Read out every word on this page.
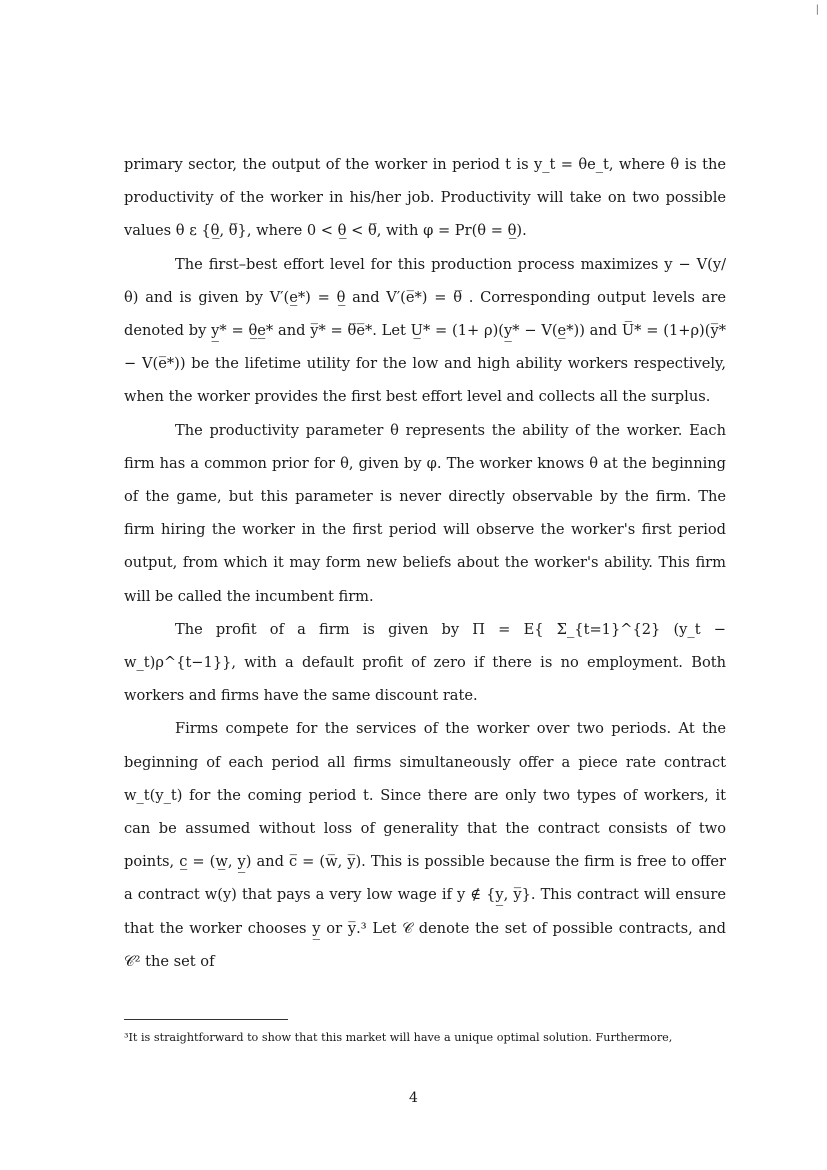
|

primary sector, the output of the worker in period t is y_t = θe_t, where θ is the productivity of the worker in his/her job. Productivity will take on two possible values θ ε {θ̲, θ̅}, where 0 < θ̲ < θ̅, with φ = Pr(θ = θ̲).

The first–best effort level for this production process maximizes y − V(y/θ) and is given by V′(e̲*) = θ̲ and V′(e̅*) = θ̅ . Corresponding output levels are denoted by y̲* = θ̲e̲* and y̅* = θ̅e̅*. Let U̲* = (1+ ρ)(y̲* − V(e̲*)) and U̅* = (1+ρ)(y̅* − V(e̅*)) be the lifetime utility for the low and high ability workers respectively, when the worker provides the first best effort level and collects all the surplus.

The productivity parameter θ represents the ability of the worker. Each firm has a common prior for θ, given by φ. The worker knows θ at the beginning of the game, but this parameter is never directly observable by the firm. The firm hiring the worker in the first period will observe the worker's first period output, from which it may form new beliefs about the worker's ability. This firm will be called the incumbent firm.

The profit of a firm is given by Π = E{ Σ_{t=1}^{2} (y_t − w_t)ρ^{t−1}}, with a default profit of zero if there is no employment. Both workers and firms have the same discount rate.

Firms compete for the services of the worker over two periods. At the beginning of each period all firms simultaneously offer a piece rate contract w_t(y_t) for the coming period t. Since there are only two types of workers, it can be assumed without loss of generality that the contract consists of two points, c̲ = (w̲, y̲) and c̅ = (w̅, y̅). This is possible because the firm is free to offer a contract w(y) that pays a very low wage if y ∉ {y̲, y̅}. This contract will ensure that the worker chooses y̲ or y̅.³ Let 𝒞 denote the set of possible contracts, and 𝒞² the set of

³It is straightforward to show that this market will have a unique optimal solution. Furthermore,
4
